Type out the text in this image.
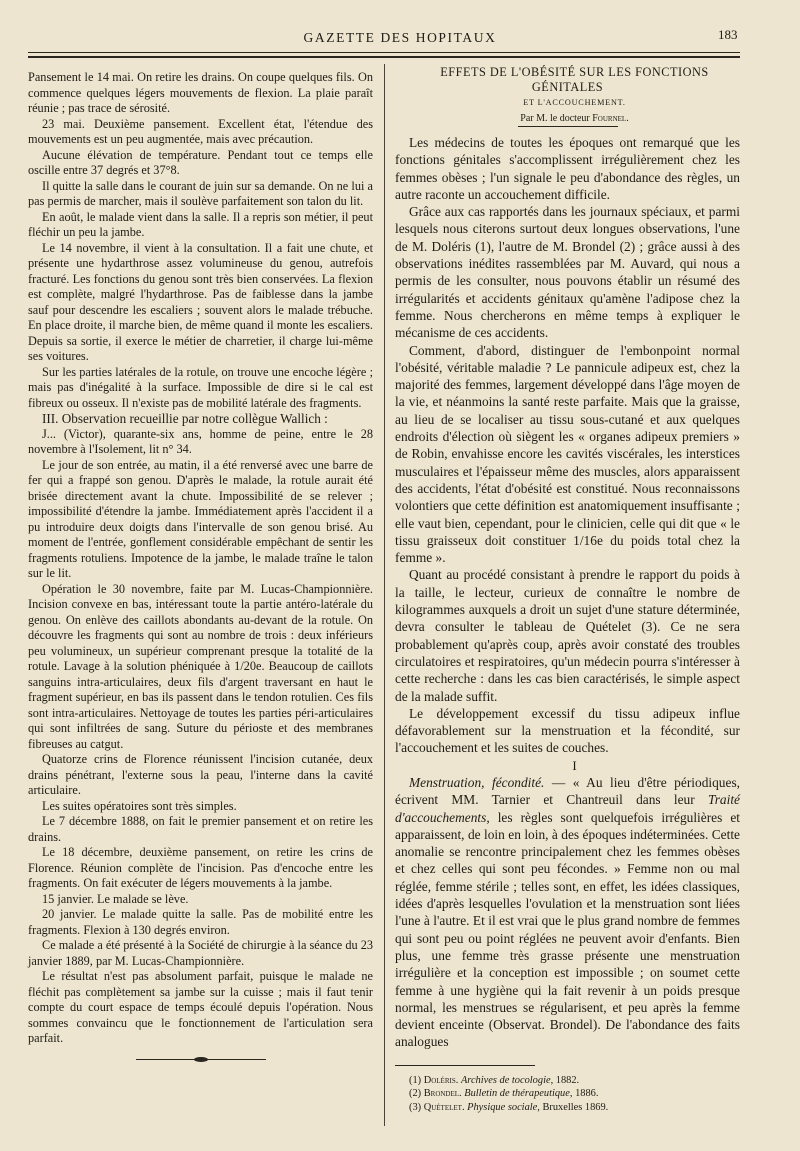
GAZETTE DES HOPITAUX	183

Pansement le 14 mai. On retire les drains. On coupe quelques fils. On commence quelques légers mouvements de flexion. La plaie paraît réunie ; pas trace de sérosité.

23 mai. Deuxième pansement. Excellent état, l'étendue des mouvements est un peu augmentée, mais avec précaution.

Aucune élévation de température. Pendant tout ce temps elle oscille entre 37 degrés et 37°8.

Il quitte la salle dans le courant de juin sur sa demande. On ne lui a pas permis de marcher, mais il soulève parfaitement son talon du lit.

En août, le malade vient dans la salle. Il a repris son métier, il peut fléchir un peu la jambe.

Le 14 novembre, il vient à la consultation. Il a fait une chute, et présente une hydarthrose assez volumineuse du genou, autrefois fracturé. Les fonctions du genou sont très bien conservées. La flexion est complète, malgré l'hydarthrose. Pas de faiblesse dans la jambe sauf pour descendre les escaliers ; souvent alors le malade trébuche. En place droite, il marche bien, de même quand il monte les escaliers. Depuis sa sortie, il exerce le métier de charretier, il charge lui-même ses voitures.

Sur les parties latérales de la rotule, on trouve une encoche légère ; mais pas d'inégalité à la surface. Impossible de dire si le cal est fibreux ou osseux. Il n'existe pas de mobilité latérale des fragments.

III. Observation recueillie par notre collègue Wallich :

J... (Victor), quarante-six ans, homme de peine, entre le 28 novembre à l'Isolement, lit n° 34.

Le jour de son entrée, au matin, il a été renversé avec une barre de fer qui a frappé son genou. D'après le malade, la rotule aurait été brisée directement avant la chute. Impossibilité de se relever ; impossibilité d'étendre la jambe. Immédiatement après l'accident il a pu introduire deux doigts dans l'intervalle de son genou brisé. Au moment de l'entrée, gonflement considérable empêchant de sentir les fragments rotuliens. Impotence de la jambe, le malade traîne le talon sur le lit.

Opération le 30 novembre, faite par M. Lucas-Championnière. Incision convexe en bas, intéressant toute la partie antéro-latérale du genou. On enlève des caillots abondants au-devant de la rotule. On découvre les fragments qui sont au nombre de trois : deux inférieurs peu volumineux, un supérieur comprenant presque la totalité de la rotule. Lavage à la solution phéniquée à 1/20e. Beaucoup de caillots sanguins intra-articulaires, deux fils d'argent traversant en haut le fragment supérieur, en bas ils passent dans le tendon rotulien. Ces fils sont intra-articulaires. Nettoyage de toutes les parties péri-articulaires qui sont infiltrées de sang. Suture du périoste et des membranes fibreuses au catgut.

Quatorze crins de Florence réunissent l'incision cutanée, deux drains pénétrant, l'externe sous la peau, l'interne dans la cavité articulaire.

Les suites opératoires sont très simples.

Le 7 décembre 1888, on fait le premier pansement et on retire les drains.

Le 18 décembre, deuxième pansement, on retire les crins de Florence. Réunion complète de l'incision. Pas d'encoche entre les fragments. On fait exécuter de légers mouvements à la jambe.

15 janvier. Le malade se lève.

20 janvier. Le malade quitte la salle. Pas de mobilité entre les fragments. Flexion à 130 degrés environ.

Ce malade a été présenté à la Société de chirurgie à la séance du 23 janvier 1889, par M. Lucas-Championnière.

Le résultat n'est pas absolument parfait, puisque le malade ne fléchit pas complètement sa jambe sur la cuisse ; mais il faut tenir compte du court espace de temps écoulé depuis l'opération. Nous sommes convaincu que le fonctionnement de l'articulation sera parfait.

EFFETS DE L'OBÉSITÉ SUR LES FONCTIONS GÉNITALES

ET L'ACCOUCHEMENT.

Par M. le docteur Fournel.

Les médecins de toutes les époques ont remarqué que les fonctions génitales s'accomplissent irrégulièrement chez les femmes obèses ; l'un signale le peu d'abondance des règles, un autre raconte un accouchement difficile.

Grâce aux cas rapportés dans les journaux spéciaux, et parmi lesquels nous citerons surtout deux longues observations, l'une de M. Doléris (1), l'autre de M. Brondel (2) ; grâce aussi à des observations inédites rassemblées par M. Auvard, qui nous a permis de les consulter, nous pouvons établir un résumé des irrégularités et accidents génitaux qu'amène l'adipose chez la femme. Nous chercherons en même temps à expliquer le mécanisme de ces accidents.

Comment, d'abord, distinguer de l'embonpoint normal l'obésité, véritable maladie ? Le pannicule adipeux est, chez la majorité des femmes, largement développé dans l'âge moyen de la vie, et néanmoins la santé reste parfaite. Mais que la graisse, au lieu de se localiser au tissu sous-cutané et aux quelques endroits d'élection où siègent les « organes adipeux premiers » de Robin, envahisse encore les cavités viscérales, les interstices musculaires et l'épaisseur même des muscles, alors apparaissent des accidents, l'état d'obésité est constitué. Nous reconnaissons volontiers que cette définition est anatomiquement insuffisante ; elle vaut bien, cependant, pour le clinicien, celle qui dit que « le tissu graisseux doit constituer 1/16e du poids total chez la femme ».

Quant au procédé consistant à prendre le rapport du poids à la taille, le lecteur, curieux de connaître le nombre de kilogrammes auxquels a droit un sujet d'une stature déterminée, devra consulter le tableau de Quételet (3). Ce ne sera probablement qu'après coup, après avoir constaté des troubles circulatoires et respiratoires, qu'un médecin pourra s'intéresser à cette recherche : dans les cas bien caractérisés, le simple aspect de la malade suffit.

Le développement excessif du tissu adipeux influe défavorablement sur la menstruation et la fécondité, sur l'accouchement et les suites de couches.

I

Menstruation, fécondité. — « Au lieu d'être périodiques, écrivent MM. Tarnier et Chantreuil dans leur Traité d'accouchements, les règles sont quelquefois irrégulières et apparaissent, de loin en loin, à des époques indéterminées. Cette anomalie se rencontre principalement chez les femmes obèses et chez celles qui sont peu fécondes. » Femme non ou mal réglée, femme stérile ; telles sont, en effet, les idées classiques, idées d'après lesquelles l'ovulation et la menstruation sont liées l'une à l'autre. Et il est vrai que le plus grand nombre de femmes qui sont peu ou point réglées ne peuvent avoir d'enfants. Bien plus, une femme très grasse présente une menstruation irrégulière et la conception est impossible ; on soumet cette femme à une hygiène qui la fait revenir à un poids presque normal, les menstrues se régularisent, et peu après la femme devient enceinte (Observat. Brondel). De l'abondance des faits analogues

(1) Doléris. Archives de tocologie, 1882.

(2) Brondel. Bulletin de thérapeutique, 1886.

(3) Quételet. Physique sociale, Bruxelles 1869.
